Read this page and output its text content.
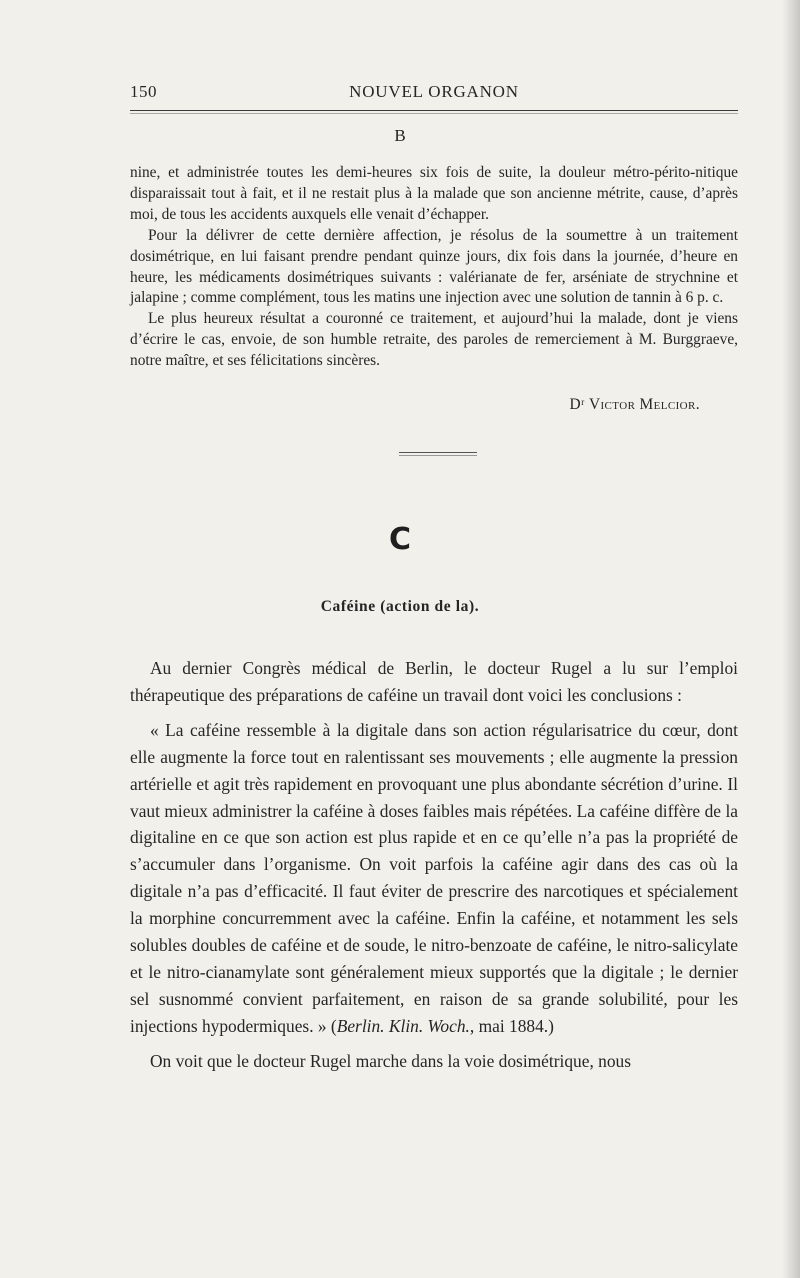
150	NOUVEL ORGANON
B

nine, et administrée toutes les demi-heures six fois de suite, la douleur métro-périto-nitique disparaissait tout à fait, et il ne restait plus à la malade que son ancienne métrite, cause, d’après moi, de tous les accidents auxquels elle venait d’échapper.

Pour la délivrer de cette dernière affection, je résolus de la soumettre à un traitement dosimétrique, en lui faisant prendre pendant quinze jours, dix fois dans la journée, d’heure en heure, les médicaments dosimétriques suivants : valérianate de fer, arséniate de strychnine et jalapine ; comme complément, tous les matins une injection avec une solution de tannin à 6 p. c.

Le plus heureux résultat a couronné ce traitement, et aujourd’hui la malade, dont je viens d’écrire le cas, envoie, de son humble retraite, des paroles de remerciement à M. Burggraeve, notre maître, et ses félicitations sincères.

Dʳ Victor Melcior.
C
Caféine (action de la).

Au dernier Congrès médical de Berlin, le docteur Rugel a lu sur l’emploi thérapeutique des préparations de caféine un travail dont voici les conclusions :

« La caféine ressemble à la digitale dans son action régularisatrice du cœur, dont elle augmente la force tout en ralentissant ses mouvements ; elle augmente la pression artérielle et agit très rapidement en provoquant une plus abondante sécrétion d’urine. Il vaut mieux administrer la caféine à doses faibles mais répétées. La caféine diffère de la digitaline en ce que son action est plus rapide et en ce qu’elle n’a pas la propriété de s’accumuler dans l’organisme. On voit parfois la caféine agir dans des cas où la digitale n’a pas d’efficacité. Il faut éviter de prescrire des narcotiques et spécialement la morphine concurremment avec la caféine. Enfin la caféine, et notamment les sels solubles doubles de caféine et de soude, le nitro-benzoate de caféine, le nitro-salicylate et le nitro-cianamylate sont généralement mieux supportés que la digitale ; le dernier sel susnommé convient parfaitement, en raison de sa grande solubilité, pour les injections hypodermiques. » (Berlin. Klin. Woch., mai 1884.)

On voit que le docteur Rugel marche dans la voie dosimétrique, nous
